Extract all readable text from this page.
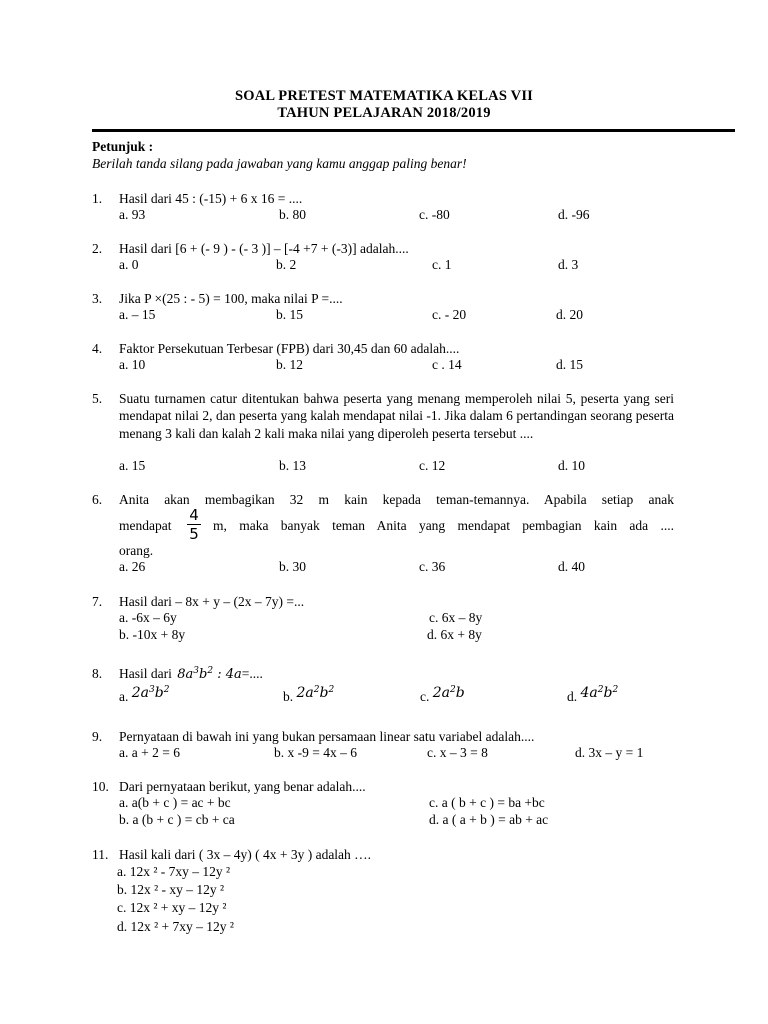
SOAL PRETEST MATEMATIKA KELAS VII
TAHUN PELAJARAN 2018/2019
Petunjuk :
Berilah tanda silang pada jawaban yang kamu anggap paling benar!
1. Hasil dari 45 : (-15) + 6 x 16 = ....
a. 93	b. 80	c. -80	d. -96
2. Hasil dari [6 + (- 9 ) - (- 3 )] – [-4 +7 + (-3)] adalah....
a. 0	b. 2	c. 1	d. 3
3. Jika P ×(25 : - 5) = 100, maka nilai P =....
a. – 15	b. 15	c. - 20	d. 20
4. Faktor Persekutuan Terbesar (FPB) dari 30,45 dan 60 adalah....
a. 10	b. 12	c . 14	d. 15
5. Suatu turnamen catur ditentukan bahwa peserta yang menang memperoleh nilai 5, peserta yang seri mendapat nilai 2, dan peserta yang kalah mendapat nilai -1. Jika dalam 6 pertandingan seorang peserta menang 3 kali dan kalah 2 kali maka nilai yang diperoleh peserta tersebut ....
a. 15	b. 13	c. 12	d. 10
6. Anita akan membagikan 32 m kain kepada teman-temannya. Apabila setiap anak
mendapat
4
5 m, maka banyak teman Anita yang mendapat pembagian kain ada ....
orang.
a. 26	b. 30	c. 36	d. 40
7. Hasil dari – 8x + y – (2x – 7y) =...
a. -6x – 6y	c. 6x – 8y
b. -10x + 8y	d. 6x + 8y
8. Hasil dari $8a^3b^2$ : 4a=....
a. $2a^3b^2$	b. $2a^2b^2$	c. $2a^2b$	d. $4a^2b^2$
9. Pernyataan di bawah ini yang bukan persamaan linear satu variabel adalah....
a. a + 2 = 6	b. x -9 = 4x – 6	c. x – 3 = 8	d. 3x – y = 1
10. Dari pernyataan berikut, yang benar adalah....
a. a(b + c ) = ac + bc	c. a ( b + c ) = ba +bc
b. a (b + c ) = cb + ca	d. a ( a + b ) = ab + ac
11. Hasil kali dari ( 3x – 4y) ( 4x + 3y ) adalah ….
a. 12x ² - 7xy – 12y ²
b. 12x ² - xy – 12y ²
c. 12x ² + xy – 12y ²
d. 12x ² + 7xy – 12y ²
